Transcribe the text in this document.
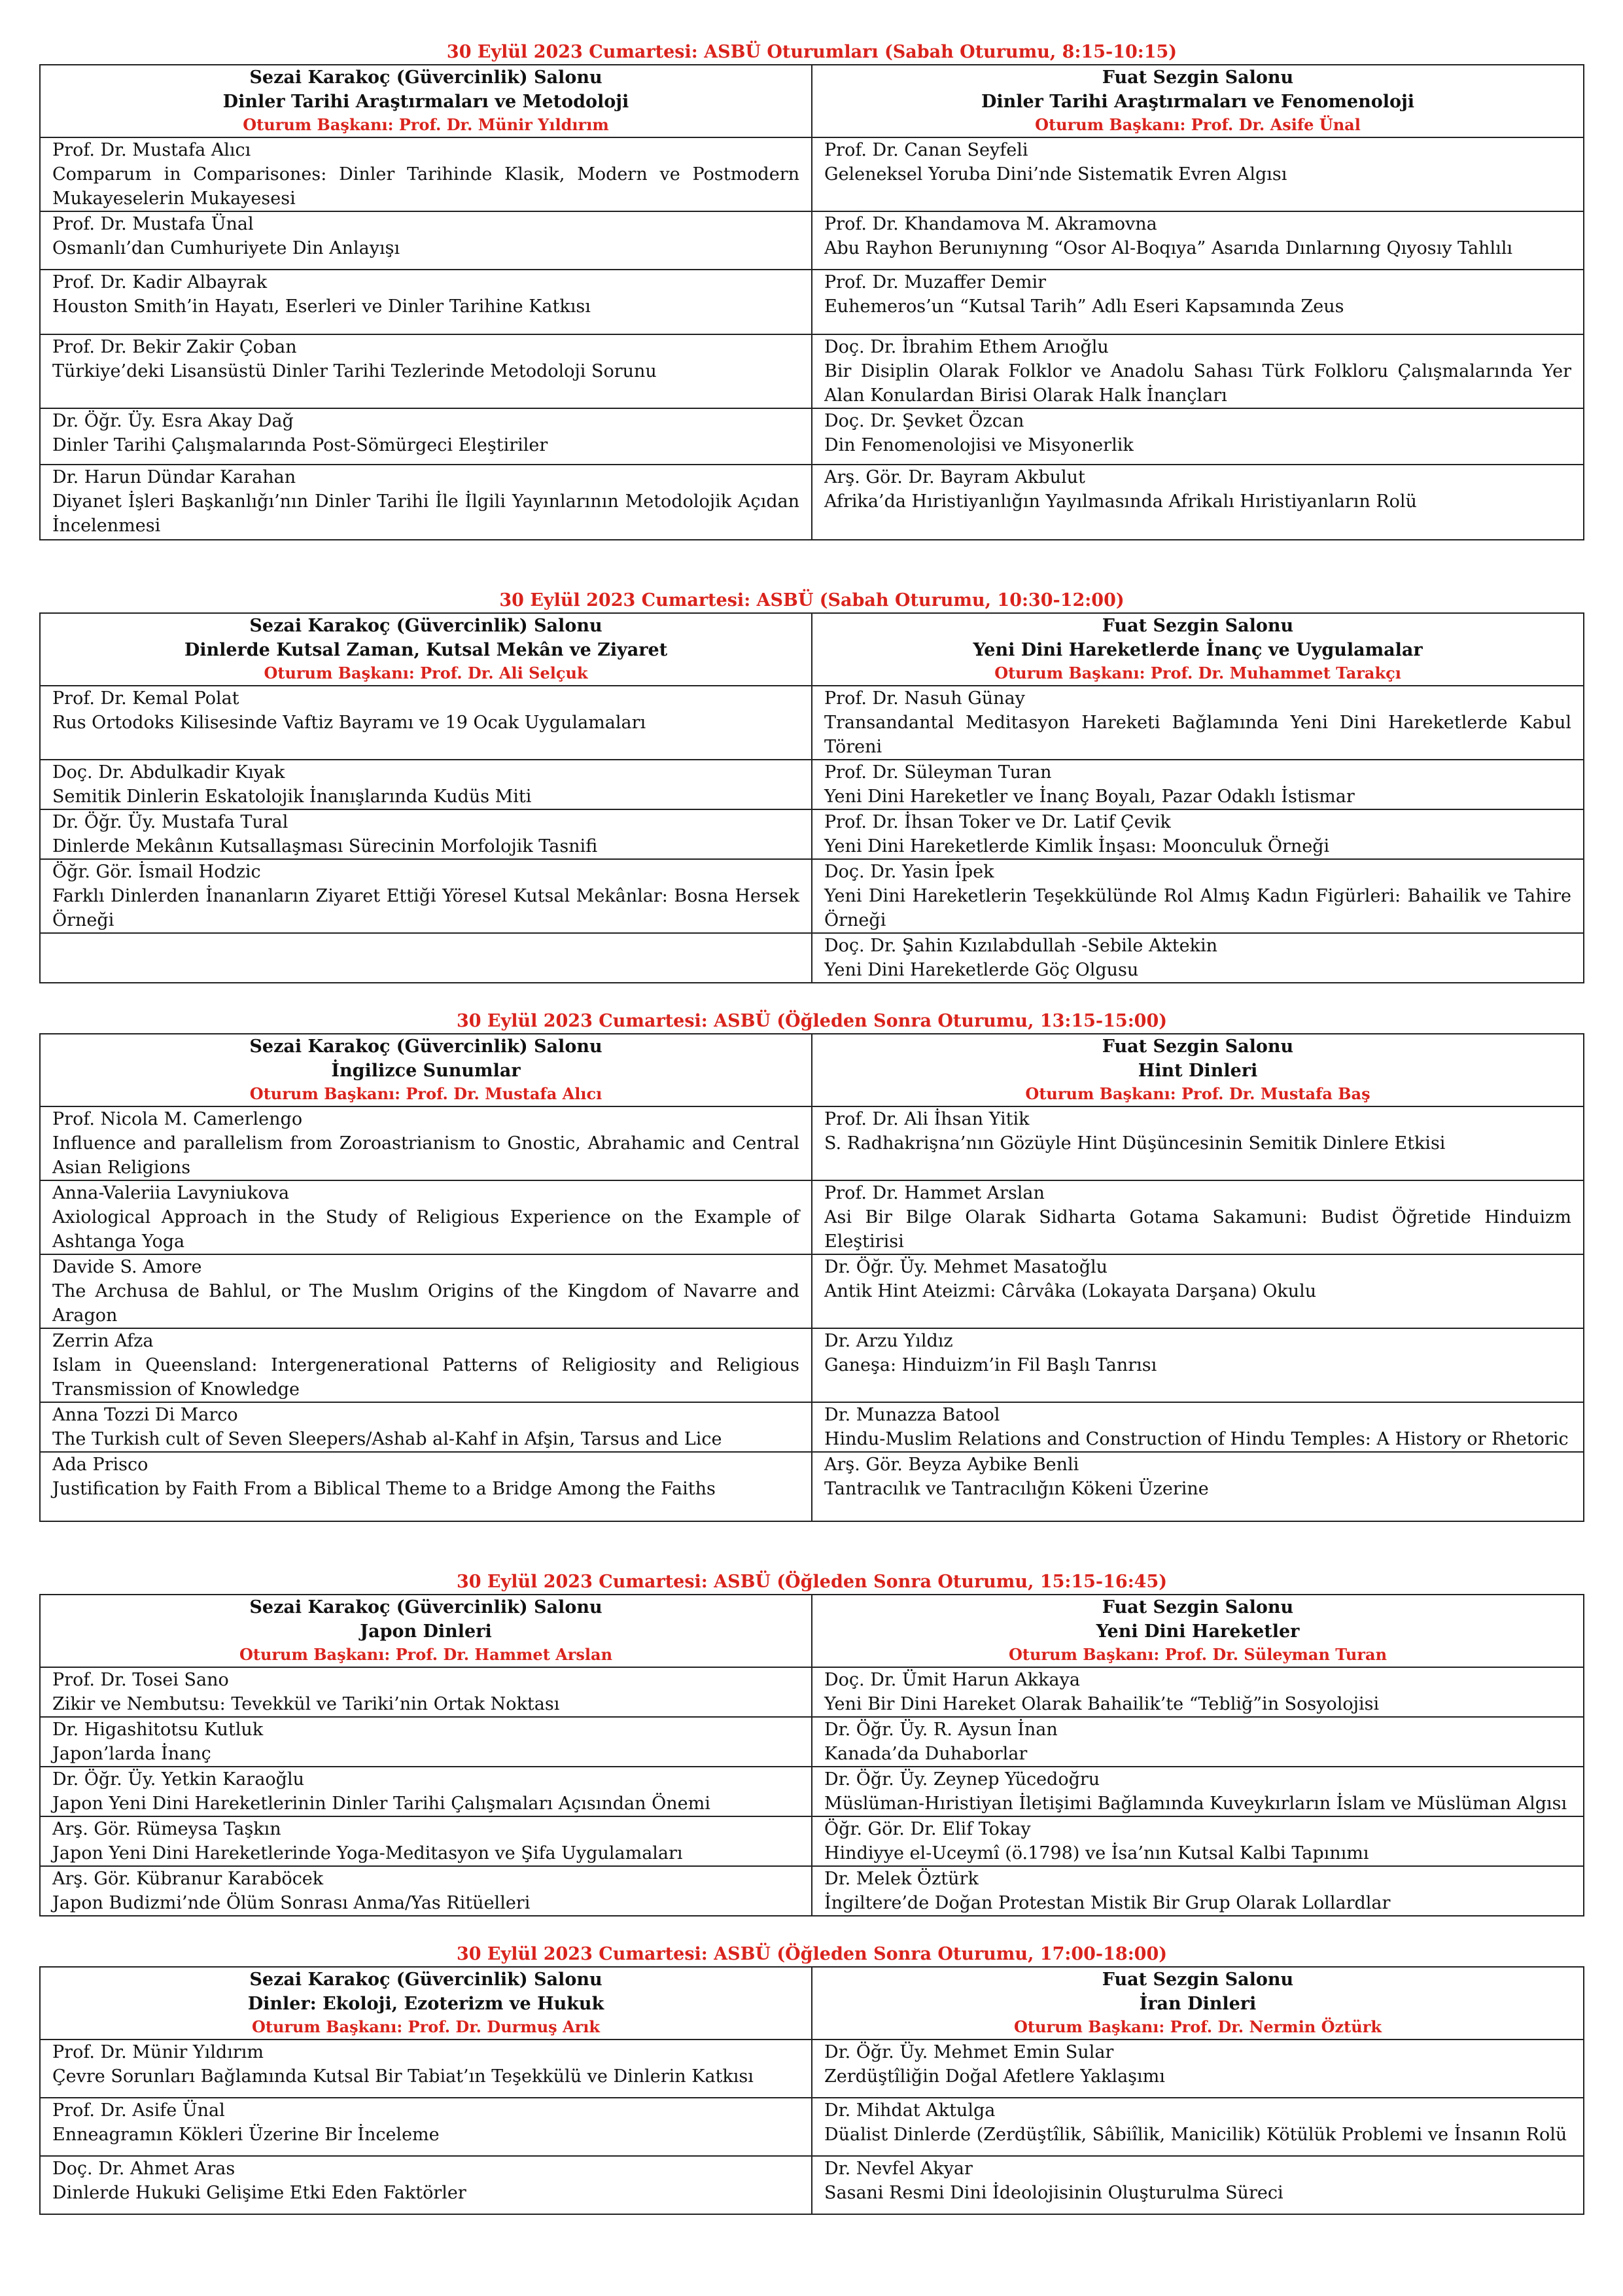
30 Eylül 2023 Cumartesi: ASBÜ Oturumları (Sabah Oturumu, 8:15-10:15)
Sezai Karakoç (Güvercinlik) Salonu
Dinler Tarihi Araştırmaları ve Metodoloji
Oturum Başkanı: Prof. Dr. Münir Yıldırım	Fuat Sezgin Salonu
Dinler Tarihi Araştırmaları ve Fenomenoloji
Oturum Başkanı: Prof. Dr. Asife Ünal

Prof. Dr. Mustafa Alıcı
Comparum in Comparisones: Dinler Tarihinde Klasik, Modern ve Postmodern Mukayeselerin Mukayesesi	Prof. Dr. Canan Seyfeli
Geleneksel Yoruba Dini’nde Sistematik Evren Algısı

Prof. Dr. Mustafa Ünal
Osmanlı’dan Cumhuriyete Din Anlayışı	Prof. Dr. Khandamova M. Akramovna
Abu Rayhon Berunıynıng “Osor Al-Boqıya” Asarıda Dınlarnıng Qıyosıy Tahlılı

Prof. Dr. Kadir Albayrak
Houston Smith’in Hayatı, Eserleri ve Dinler Tarihine Katkısı	Prof. Dr. Muzaffer Demir
Euhemeros’un “Kutsal Tarih” Adlı Eseri Kapsamında Zeus

Prof. Dr. Bekir Zakir Çoban
Türkiye’deki Lisansüstü Dinler Tarihi Tezlerinde Metodoloji Sorunu	Doç. Dr. İbrahim Ethem Arıoğlu
Bir Disiplin Olarak Folklor ve Anadolu Sahası Türk Folkloru Çalışmalarında Yer Alan Konulardan Birisi Olarak Halk İnançları

Dr. Öğr. Üy. Esra Akay Dağ
Dinler Tarihi Çalışmalarında Post-Sömürgeci Eleştiriler	Doç. Dr. Şevket Özcan
Din Fenomenolojisi ve Misyonerlik

Dr. Harun Dündar Karahan
Diyanet İşleri Başkanlığı’nın Dinler Tarihi İle İlgili Yayınlarının Metodolojik Açıdan İncelenmesi	Arş. Gör. Dr. Bayram Akbulut
Afrika’da Hıristiyanlığın Yayılmasında Afrikalı Hıristiyanların Rolü
30 Eylül 2023 Cumartesi: ASBÜ (Sabah Oturumu, 10:30-12:00)
Sezai Karakoç (Güvercinlik) Salonu
Dinlerde Kutsal Zaman, Kutsal Mekân ve Ziyaret
Oturum Başkanı: Prof. Dr. Ali Selçuk	Fuat Sezgin Salonu
Yeni Dini Hareketlerde İnanç ve Uygulamalar
Oturum Başkanı: Prof. Dr. Muhammet Tarakçı

Prof. Dr. Kemal Polat
Rus Ortodoks Kilisesinde Vaftiz Bayramı ve 19 Ocak Uygulamaları	Prof. Dr. Nasuh Günay
Transandantal Meditasyon Hareketi Bağlamında Yeni Dini Hareketlerde Kabul Töreni

Doç. Dr. Abdulkadir Kıyak
Semitik Dinlerin Eskatolojik İnanışlarında Kudüs Miti	Prof. Dr. Süleyman Turan
Yeni Dini Hareketler ve İnanç Boyalı, Pazar Odaklı İstismar

Dr. Öğr. Üy. Mustafa Tural
Dinlerde Mekânın Kutsallaşması Sürecinin Morfolojik Tasnifi	Prof. Dr. İhsan Toker ve Dr. Latif Çevik
Yeni Dini Hareketlerde Kimlik İnşası: Moonculuk Örneği

Öğr. Gör. İsmail Hodzic
Farklı Dinlerden İnananların Ziyaret Ettiği Yöresel Kutsal Mekânlar: Bosna Hersek Örneği	Doç. Dr. Yasin İpek
Yeni Dini Hareketlerin Teşekkülünde Rol Almış Kadın Figürleri: Bahailik ve Tahire Örneği

	Doç. Dr. Şahin Kızılabdullah -Sebile Aktekin
Yeni Dini Hareketlerde Göç Olgusu
30 Eylül 2023 Cumartesi: ASBÜ (Öğleden Sonra Oturumu, 13:15-15:00)
Sezai Karakoç (Güvercinlik) Salonu
İngilizce Sunumlar
Oturum Başkanı: Prof. Dr. Mustafa Alıcı	Fuat Sezgin Salonu
Hint Dinleri
Oturum Başkanı: Prof. Dr. Mustafa Baş

Prof. Nicola M. Camerlengo
Influence and parallelism from Zoroastrianism to Gnostic, Abrahamic and Central Asian Religions	Prof. Dr. Ali İhsan Yitik
S. Radhakrişna’nın Gözüyle Hint Düşüncesinin Semitik Dinlere Etkisi

Anna-Valeriia Lavyniukova
Axiological Approach in the Study of Religious Experience on the Example of Ashtanga Yoga	Prof. Dr. Hammet Arslan
Asi Bir Bilge Olarak Sidharta Gotama Sakamuni: Budist Öğretide Hinduizm Eleştirisi

Davide S. Amore
The Archusa de Bahlul, or The Muslım Origins of the Kingdom of Navarre and Aragon	Dr. Öğr. Üy. Mehmet Masatoğlu
Antik Hint Ateizmi: Cârvâka (Lokayata Darşana) Okulu

Zerrin Afza
Islam in Queensland: Intergenerational Patterns of Religiosity and Religious Transmission of Knowledge	Dr. Arzu Yıldız
Ganeşa: Hinduizm’in Fil Başlı Tanrısı

Anna Tozzi Di Marco
The Turkish cult of Seven Sleepers/Ashab al-Kahf in Afşin, Tarsus and Lice	Dr. Munazza Batool
Hindu-Muslim Relations and Construction of Hindu Temples: A History or Rhetoric

Ada Prisco
Justification by Faith From a Biblical Theme to a Bridge Among the Faiths	Arş. Gör. Beyza Aybike Benli
Tantracılık ve Tantracılığın Kökeni Üzerine
30 Eylül 2023 Cumartesi: ASBÜ (Öğleden Sonra Oturumu, 15:15-16:45)
Sezai Karakoç (Güvercinlik) Salonu
Japon Dinleri
Oturum Başkanı: Prof. Dr. Hammet Arslan	Fuat Sezgin Salonu
Yeni Dini Hareketler
Oturum Başkanı: Prof. Dr. Süleyman Turan

Prof. Dr. Tosei Sano
Zikir ve Nembutsu: Tevekkül ve Tariki’nin Ortak Noktası	Doç. Dr. Ümit Harun Akkaya
Yeni Bir Dini Hareket Olarak Bahailik’te “Tebliğ”in Sosyolojisi

Dr. Higashitotsu Kutluk
Japon’larda İnanç	Dr. Öğr. Üy. R. Aysun İnan
Kanada’da Duhaborlar

Dr. Öğr. Üy. Yetkin Karaoğlu
Japon Yeni Dini Hareketlerinin Dinler Tarihi Çalışmaları Açısından Önemi	Dr. Öğr. Üy. Zeynep Yücedoğru
Müslüman-Hıristiyan İletişimi Bağlamında Kuveykırların İslam ve Müslüman Algısı

Arş. Gör. Rümeysa Taşkın
Japon Yeni Dini Hareketlerinde Yoga-Meditasyon ve Şifa Uygulamaları	Öğr. Gör. Dr. Elif Tokay
Hindiyye el-Uceymî (ö.1798) ve İsa’nın Kutsal Kalbi Tapınımı

Arş. Gör. Kübranur Karaböcek
Japon Budizmi’nde Ölüm Sonrası Anma/Yas Ritüelleri	Dr. Melek Öztürk
İngiltere’de Doğan Protestan Mistik Bir Grup Olarak Lollardlar
30 Eylül 2023 Cumartesi: ASBÜ (Öğleden Sonra Oturumu, 17:00-18:00)
Sezai Karakoç (Güvercinlik) Salonu
Dinler: Ekoloji, Ezoterizm ve Hukuk
Oturum Başkanı: Prof. Dr. Durmuş Arık	Fuat Sezgin Salonu
İran Dinleri
Oturum Başkanı: Prof. Dr. Nermin Öztürk

Prof. Dr. Münir Yıldırım
Çevre Sorunları Bağlamında Kutsal Bir Tabiat’ın Teşekkülü ve Dinlerin Katkısı	Dr. Öğr. Üy. Mehmet Emin Sular
Zerdüştîliğin Doğal Afetlere Yaklaşımı

Prof. Dr. Asife Ünal
Enneagramın Kökleri Üzerine Bir İnceleme	Dr. Mihdat Aktulga
Düalist Dinlerde (Zerdüştîlik, Sâbiîlik, Manicilik) Kötülük Problemi ve İnsanın Rolü

Doç. Dr. Ahmet Aras
Dinlerde Hukuki Gelişime Etki Eden Faktörler	Dr. Nevfel Akyar
Sasani Resmi Dini İdeolojisinin Oluşturulma Süreci
